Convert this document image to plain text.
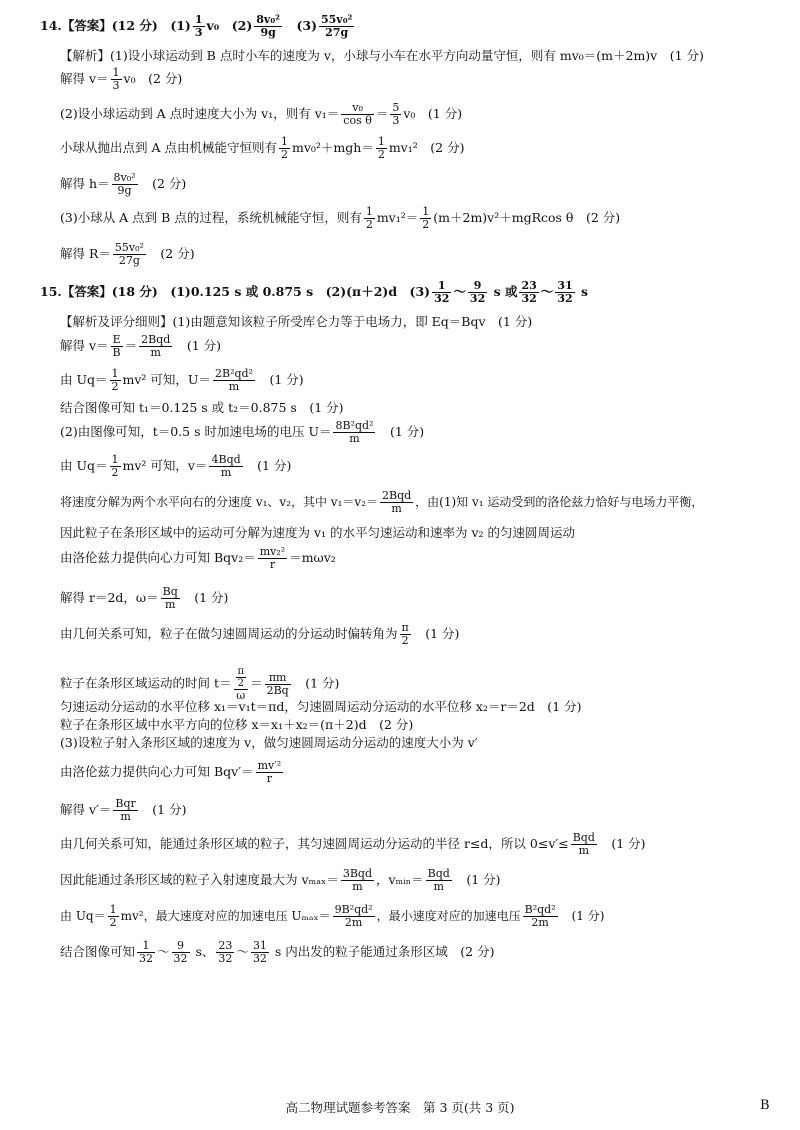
14.【答案】(12 分)　$(1) \frac{1}{3} v_0$　$(2) \frac{\text{8v₀²}}{9g}$ 　$(3) \frac{\text{55v₀²}}{27g}$
【解析】(1)设小球运动到 B 点时小车的速度为 v，小球与小车在水平方向动量守恒，则有 mv₀＝(m＋2m)v　(1 分)
解得 $v= \frac{1}{3} v_0$　(2 分)
(2)设小球运动到 A 点时速度大小为 v₁，则有 $v_1= \frac{\text{v₀}}{\text{cos θ}} = \frac{5}{3} v_0$　(1 分)
小球从抛出点到 A 点由机械能守恒则有 $\frac{1}{2} mv_0^2+mgh= \frac{1}{2} mv_1^2$　(2 分)
解得 $h= \frac{\text{8v₀²}}{9g}$ 　(2 分)
(3)小球从 A 点到 B 点的过程，系统机械能守恒，则有 $\frac{1}{2} mv_1^2= \frac{1}{2} (m+2m)v^2+mgRcos$ θ　(2 分)
解得 $R= \frac{\text{55v₀²}}{27g}$ 　(2 分)
15.【答案】(18 分)　(1)0.125 s 或 0.875 s　(2)(π＋2)d　$(3) \frac{1}{32}$ ～ $\frac{9}{32}$ s 或 $\frac{23}{32}$ ～ $\frac{31}{32}$ s
【解析及评分细则】(1)由题意知该粒子所受库仑力等于电场力，即 Eq＝Bqv　(1 分)
解得 $v= \frac{E}{B} = \frac{\text{2Bqd}}{m}$ 　(1 分)
由 $Uq= \frac{1}{2} mv^2$ 可知，$U= \frac{\text{2B²qd²}}{m}$ 　(1 分)
结合图像可知 t₁＝0.125 s 或 t₂＝0.875 s　(1 分)
(2)由图像可知，t＝0.5 s 时加速电场的电压 $U= \frac{\text{8B²qd²}}{m}$ 　(1 分)
由 $Uq= \frac{1}{2} mv^2$ 可知，$v= \frac{\text{4Bqd}}{m}$ 　(1 分)
将速度分解为两个水平向右的分速度 v₁、v₂，其中 $v_1=v_2= \frac{\text{2Bqd}}{m}$ ，由(1)知 v₁ 运动受到的洛伦兹力恰好与电场力平衡，
因此粒子在条形区域中的运动可分解为速度为 v₁ 的水平匀速运动和速率为 v₂ 的匀速圆周运动
由洛伦兹力提供向心力可知 $Bqv_2= \frac{\text{mv₂²}}{r} =m\omega v_2$
解得 r＝2d，$\omega= \frac{Bq}{m}$ 　(1 分)
由几何关系可知，粒子在做匀速圆周运动的分运动时偏转角为 $\frac{\pi}{2}$ 　(1 分)
粒子在条形区域运动的时间 $t= \frac{\frac{\pi}{2}}{\omega} = \frac{\pi m}{2Bq}$ 　(1 分)
匀速运动分运动的水平位移 x₁＝v₁t＝πd，匀速圆周运动分运动的水平位移 x₂＝r＝2d　(1 分)
粒子在条形区域中水平方向的位移 x＝x₁＋x₂＝(π＋2)d　(2 分)
(3)设粒子射入条形区域的速度为 v，做匀速圆周运动分运动的速度大小为 v′
由洛伦兹力提供向心力可知 $Bqv'= \frac{\text{mv′²}}{r}$
解得 $v'= \frac{\text{Bqr}}{m}$ 　(1 分)
由几何关系可知，能通过条形区域的粒子，其匀速圆周运动分运动的半径 r≤d，所以 $0\le v'\le \frac{\text{Bqd}}{m}$ 　(1 分)
因此能通过条形区域的粒子入射速度最大为 $v_{max}= \frac{\text{3Bqd}}{m}$ ，vₘᵢₙ＝ $\frac{\text{Bqd}}{m}$ 　(1 分)
由 $Uq= \frac{1}{2} mv^2$，最大速度对应的加速电压 $U_{max}= \frac{\text{9B²qd²}}{2m}$ ，最小速度对应的加速电压 $\frac{\text{B²qd²}}{2m}$ 　(1 分)
结合图像可知 $\frac{1}{32}$ ～ $\frac{9}{32}$ s、 $\frac{23}{32}$ ～ $\frac{31}{32}$ s 内出发的粒子能通过条形区域　(2 分)
高二物理试题参考答案　第 3 页(共 3 页)	B
